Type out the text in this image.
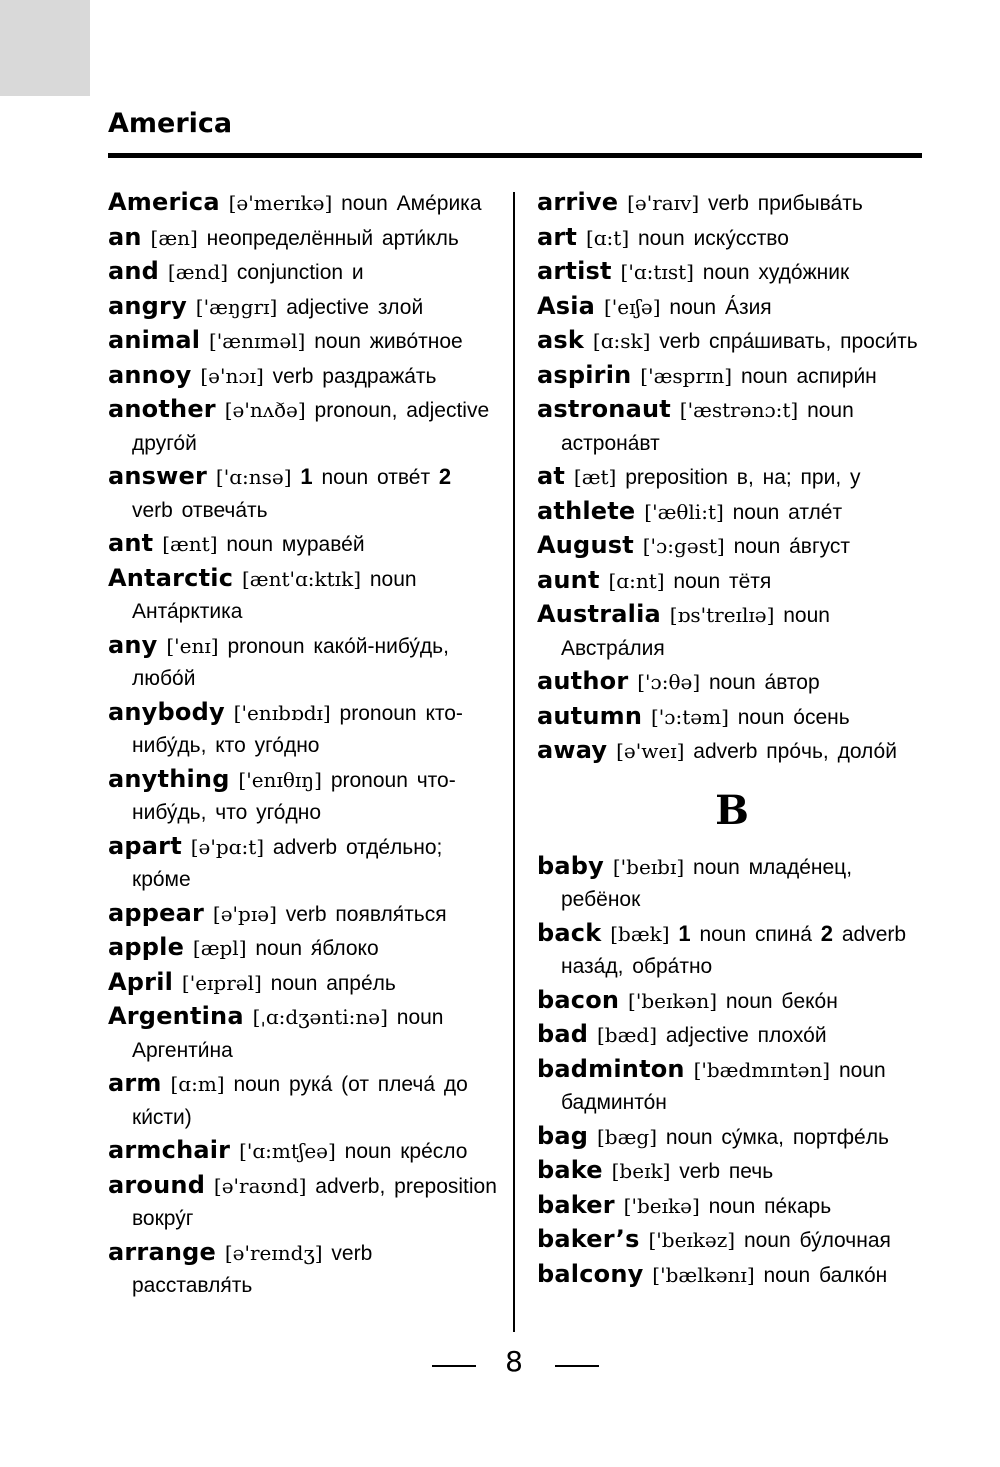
America
America [ə'merɪkə] noun Аме́рика
an [æn] неопределённый арти́кль
and [ænd] conjunction и
angry ['æŋgrɪ] adjective злой
animal ['ænɪməl] noun живо́тное
annoy [ə'nɔɪ] verb раздража́ть
another [ə'nʌðə] pronoun, adjective друго́й
answer ['ɑ:nsə] 1 noun отве́т 2 verb отвеча́ть
ant [ænt] noun мураве́й
Antarctic [ænt'ɑ:ktɪk] noun Анта́рктика
any ['enɪ] pronoun како́й-нибу́дь, любо́й
anybody ['enɪbɒdɪ] pronoun кто-нибу́дь, кто уго́дно
anything ['enɪθɪŋ] pronoun что-нибу́дь, что уго́дно
apart [ə'pɑ:t] adverb отде́льно; кро́ме
appear [ə'pɪə] verb появля́ться
apple [æpl] noun я́блоко
April ['eɪprəl] noun апре́ль
Argentina [ˌɑ:dʒənti:nə] noun Аргенти́на
arm [ɑ:m] noun рука́ (от плеча́ до ки́сти)
armchair ['ɑ:mtʃeə] noun кре́сло
around [ə'raʊnd] adverb, preposition вокру́г
arrange [ə'reɪndʒ] verb расставля́ть
arrive [ə'raɪv] verb прибыва́ть
art [ɑ:t] noun иску́сство
artist ['ɑ:tɪst] noun худо́жник
Asia ['eɪʃə] noun А́зия
ask [ɑ:sk] verb спра́шивать, проси́ть
aspirin ['æsprɪn] noun аспири́н
astronaut ['æstrənɔ:t] noun астрона́вт
at [æt] preposition в, на; при, у
athlete ['æθli:t] noun атле́т
August ['ɔ:gəst] noun а́вгуст
aunt [ɑ:nt] noun тётя
Australia [ɒs'treɪlɪə] noun Австра́лия
author ['ɔ:θə] noun а́втор
autumn ['ɔ:təm] noun о́сень
away [ə'weɪ] adverb про́чь, доло́й
B
baby ['beɪbɪ] noun младе́нец, ребёнок
back [bæk] 1 noun спина́ 2 adverb наза́д, обра́тно
bacon ['beɪkən] noun бeко́н
bad [bæd] adjective плохо́й
badminton ['bædmɪntən] noun бадминто́н
bag [bæg] noun су́мка, портфе́ль
bake [beɪk] verb печь
baker ['beɪkə] noun пе́карь
baker’s ['beɪkəz] noun бу́лочная
balcony ['bælkənɪ] noun балко́н
8
